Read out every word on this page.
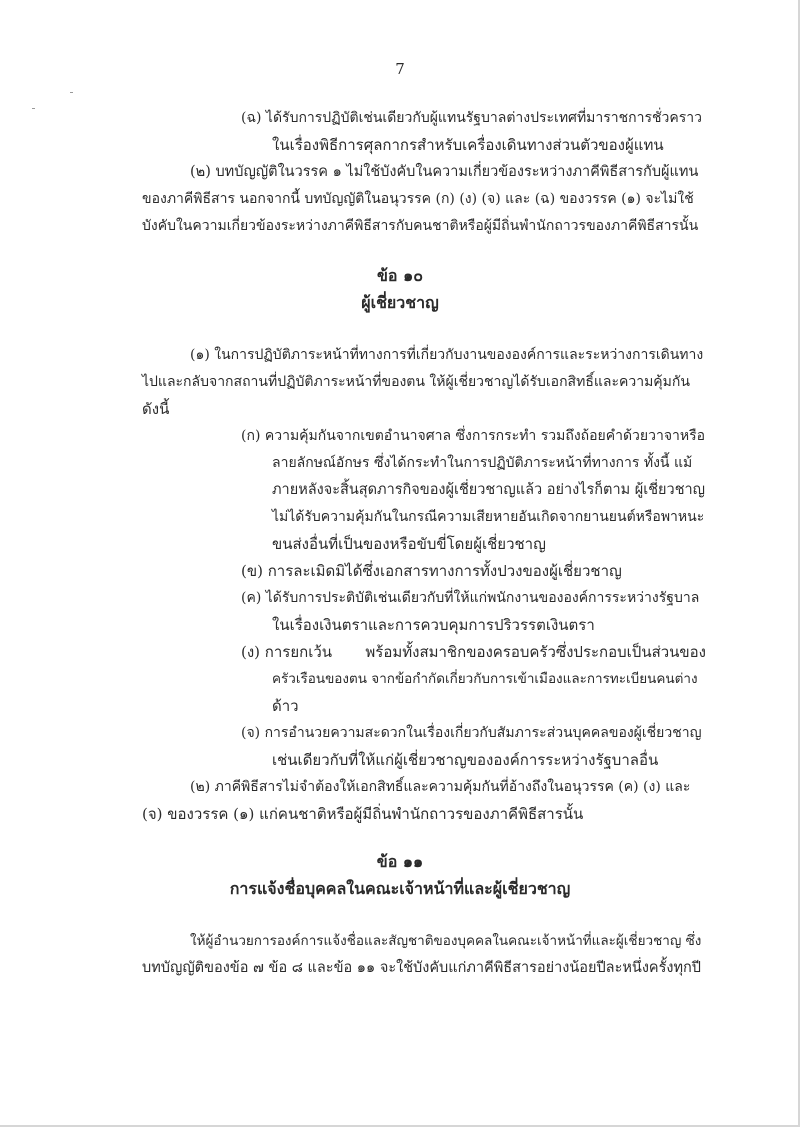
7
(ฉ) ได้รับการปฏิบัติเช่นเดียวกับผู้แทนรัฐบาลต่างประเทศที่มาราชการชั่วคราว
ในเรื่องพิธีการศุลกากรสำหรับเครื่องเดินทางส่วนตัวของผู้แทน
(๒) บทบัญญัติในวรรค ๑ ไม่ใช้บังคับในความเกี่ยวข้องระหว่างภาคีพิธีสารกับผู้แทน
ของภาคีพิธีสาร นอกจากนี้ บทบัญญัติในอนุวรรค (ก) (ง) (จ) และ (ฉ) ของวรรค (๑) จะไม่ใช้
บังคับในความเกี่ยวข้องระหว่างภาคีพิธีสารกับคนชาติหรือผู้มีถิ่นพำนักถาวรของภาคีพิธีสารนั้น
ข้อ ๑๐
ผู้เชี่ยวชาญ
(๑) ในการปฏิบัติภาระหน้าที่ทางการที่เกี่ยวกับงานขององค์การและระหว่างการเดินทาง
ไปและกลับจากสถานที่ปฏิบัติภาระหน้าที่ของตน ให้ผู้เชี่ยวชาญได้รับเอกสิทธิ์และความคุ้มกัน
ดังนี้
(ก) ความคุ้มกันจากเขตอำนาจศาล ซึ่งการกระทำ รวมถึงถ้อยคำด้วยวาจาหรือ
ลายลักษณ์อักษร ซึ่งได้กระทำในการปฏิบัติภาระหน้าที่ทางการ ทั้งนี้ แม้
ภายหลังจะสิ้นสุดภารกิจของผู้เชี่ยวชาญแล้ว อย่างไรก็ตาม ผู้เชี่ยวชาญ
ไม่ได้รับความคุ้มกันในกรณีความเสียหายอันเกิดจากยานยนต์หรือพาหนะ
ขนส่งอื่นที่เป็นของหรือขับขี่โดยผู้เชี่ยวชาญ
(ข) การละเมิดมิได้ซึ่งเอกสารทางการทั้งปวงของผู้เชี่ยวชาญ
(ค) ได้รับการประติบัติเช่นเดียวกับที่ให้แก่พนักงานขององค์การระหว่างรัฐบาล
ในเรื่องเงินตราและการควบคุมการปริวรรตเงินตรา
(ง) การยกเว้น       พร้อมทั้งสมาชิกของครอบครัวซึ่งประกอบเป็นส่วนของ
ครัวเรือนของตน จากข้อกำกัดเกี่ยวกับการเข้าเมืองและการทะเบียนคนต่าง
ด้าว
(จ) การอำนวยความสะดวกในเรื่องเกี่ยวกับสัมภาระส่วนบุคคลของผู้เชี่ยวชาญ
เช่นเดียวกับที่ให้แก่ผู้เชี่ยวชาญขององค์การระหว่างรัฐบาลอื่น
(๒) ภาคีพิธีสารไม่จำต้องให้เอกสิทธิ์และความคุ้มกันที่อ้างถึงในอนุวรรค (ค) (ง) และ
(จ) ของวรรค (๑) แก่คนชาติหรือผู้มีถิ่นพำนักถาวรของภาคีพิธีสารนั้น
ข้อ ๑๑
การแจ้งชื่อบุคคลในคณะเจ้าหน้าที่และผู้เชี่ยวชาญ
ให้ผู้อำนวยการองค์การแจ้งชื่อและสัญชาติของบุคคลในคณะเจ้าหน้าที่และผู้เชี่ยวชาญ ซึ่ง
บทบัญญัติของข้อ ๗ ข้อ ๘ และข้อ ๑๑ จะใช้บังคับแก่ภาคีพิธีสารอย่างน้อยปีละหนึ่งครั้งทุกปี
